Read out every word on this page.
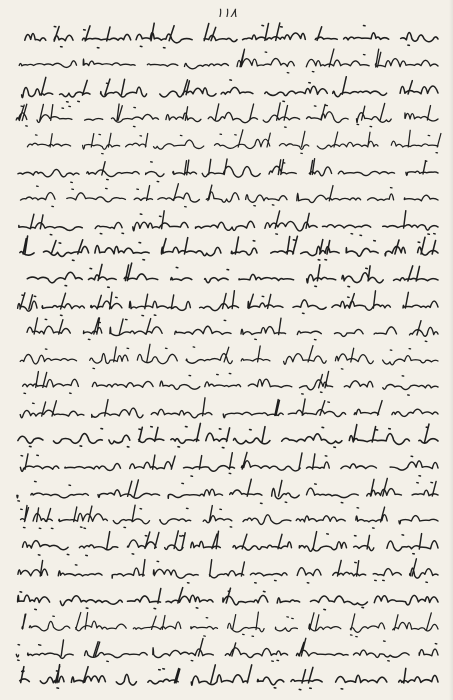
۱۱۸
